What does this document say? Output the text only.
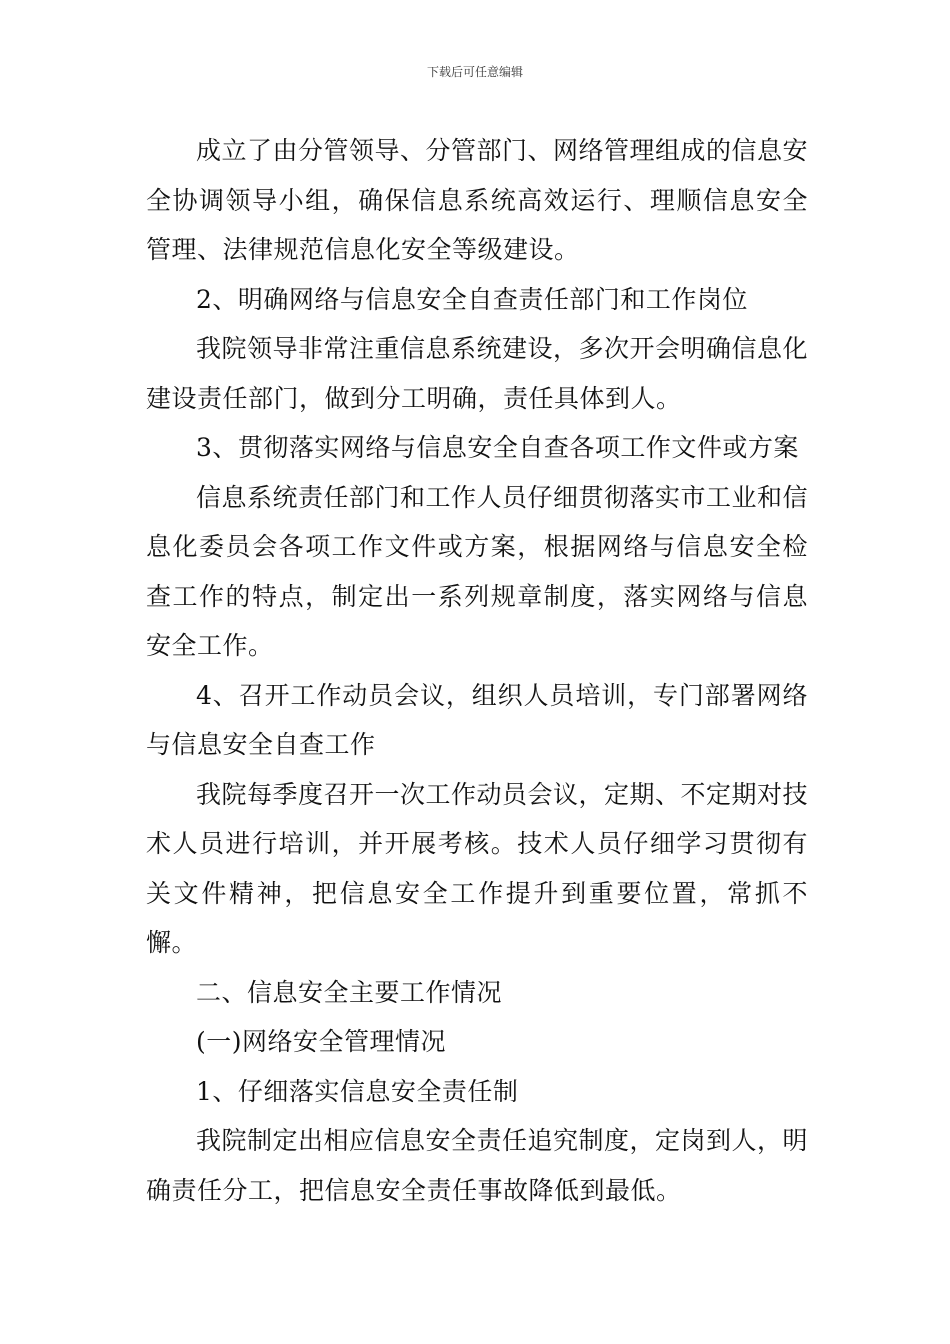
下载后可任意编辑

成立了由分管领导、分管部门、网络管理组成的信息安全协调领导小组，确保信息系统高效运行、理顺信息安全管理、法律规范信息化安全等级建设。

2、明确网络与信息安全自查责任部门和工作岗位

我院领导非常注重信息系统建设，多次开会明确信息化建设责任部门，做到分工明确，责任具体到人。

3、贯彻落实网络与信息安全自查各项工作文件或方案

信息系统责任部门和工作人员仔细贯彻落实市工业和信息化委员会各项工作文件或方案，根据网络与信息安全检查工作的特点，制定出一系列规章制度，落实网络与信息安全工作。

4、召开工作动员会议，组织人员培训，专门部署网络与信息安全自查工作

我院每季度召开一次工作动员会议，定期、不定期对技术人员进行培训，并开展考核。技术人员仔细学习贯彻有关文件精神，把信息安全工作提升到重要位置，常抓不懈。

二、信息安全主要工作情况

(一)网络安全管理情况

1、仔细落实信息安全责任制

我院制定出相应信息安全责任追究制度，定岗到人，明确责任分工，把信息安全责任事故降低到最低。
